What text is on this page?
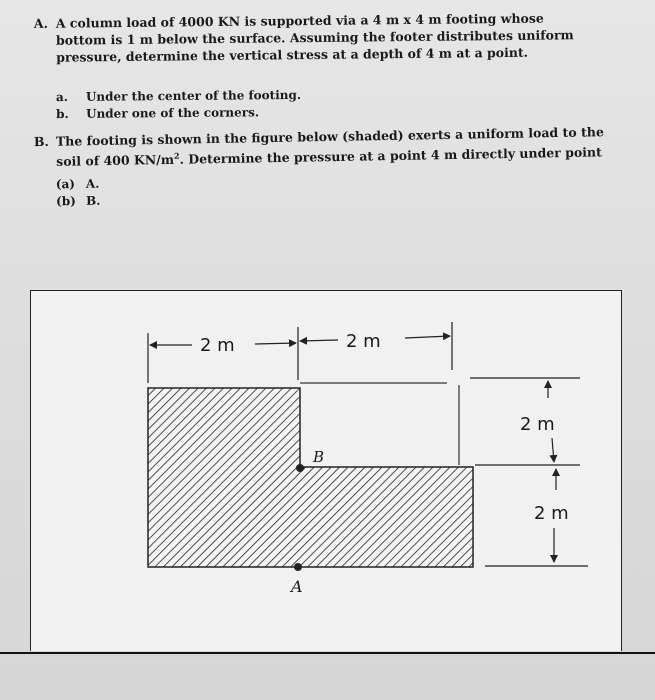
A. A column load of 4000 KN is supported via a 4 m x 4 m footing whose
bottom is 1 m below the surface. Assuming the footer distributes uniform
pressure, determine the vertical stress at a depth of 4 m at a point.
a. Under the center of the footing.
b. Under one of the corners.
B. The footing is shown in the figure below (shaded) exerts a uniform load to the
soil of 400 $KN/m^2$. Determine the pressure at a point 4 m directly under point
(a) A.
(b) B.
2 m	2 m
2 m
2 m
B
A
